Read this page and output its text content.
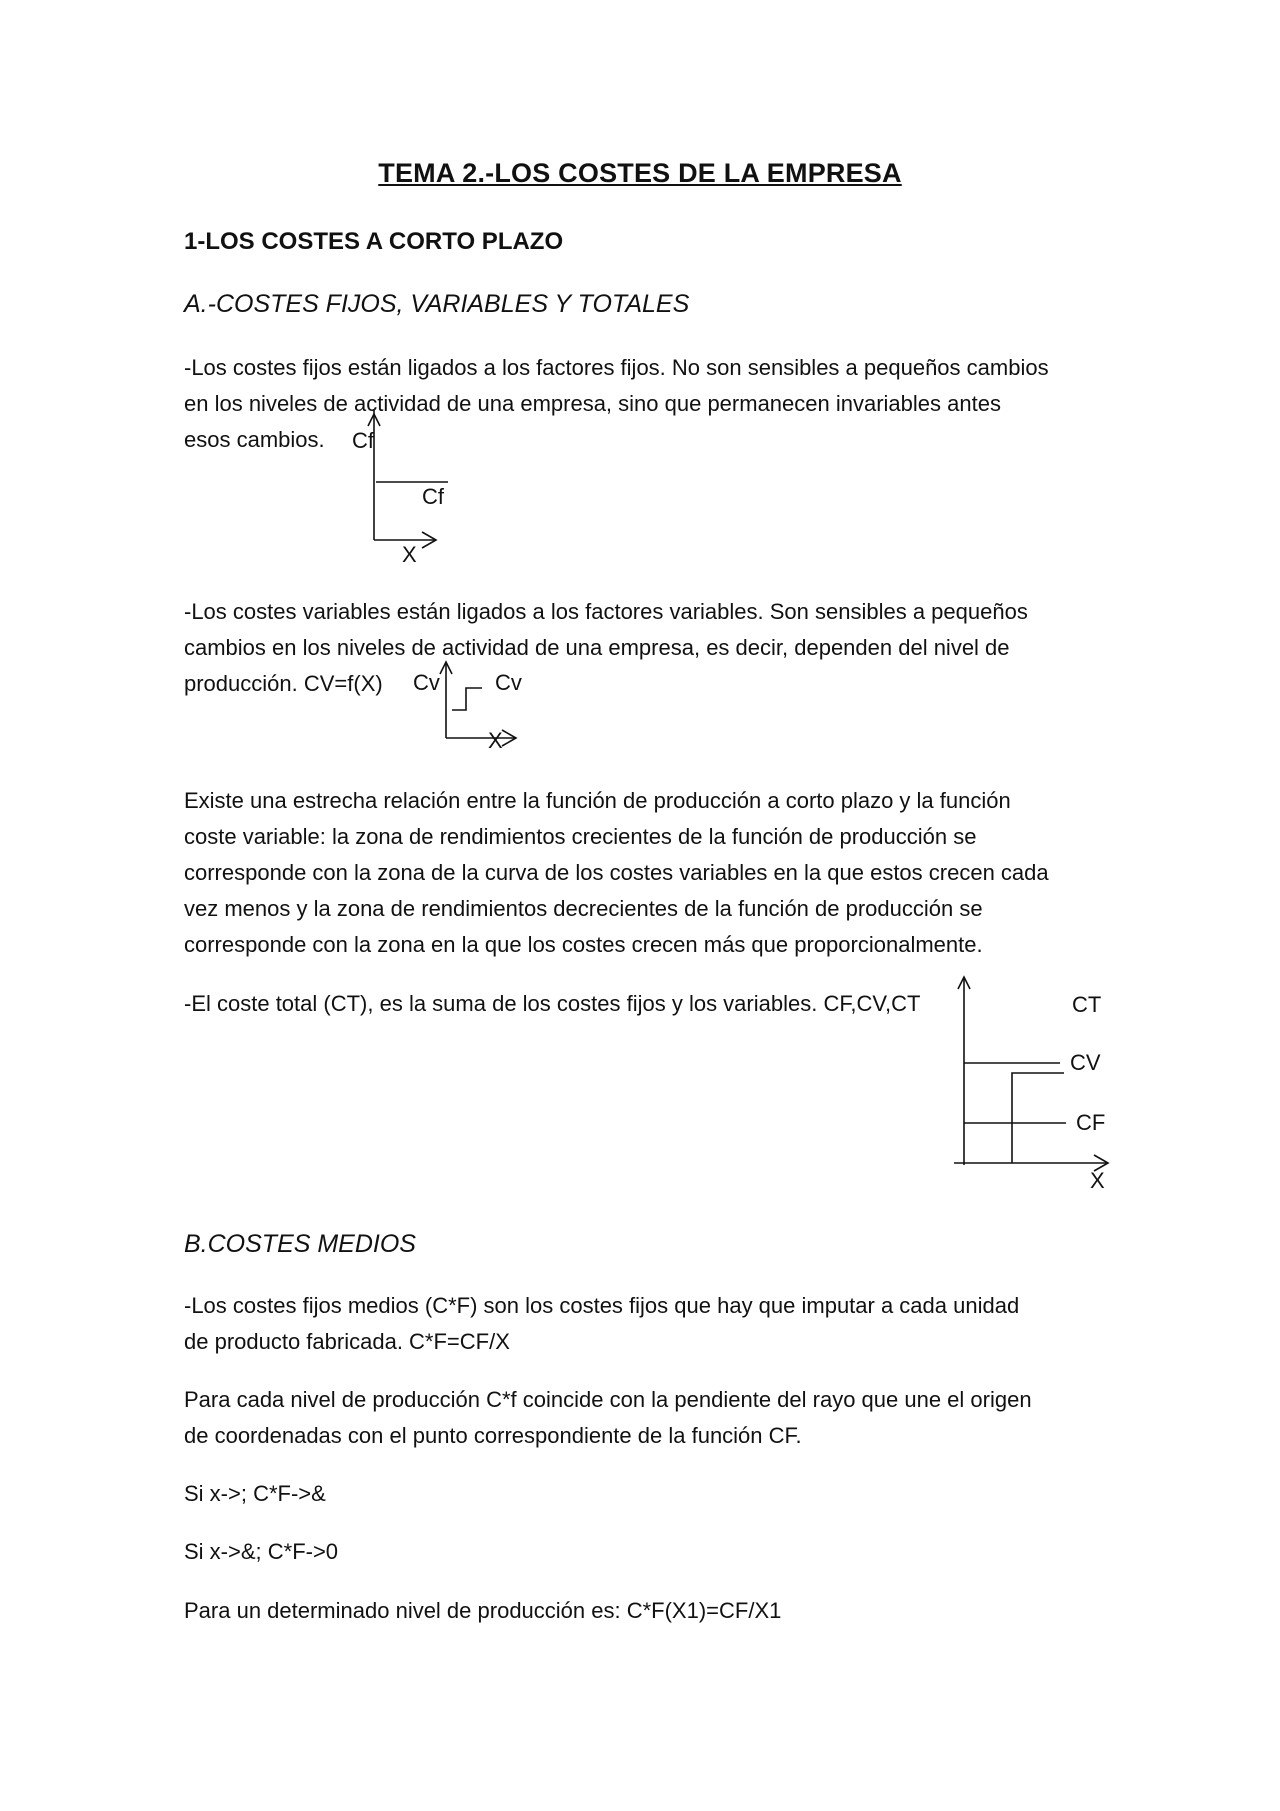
TEMA 2.-LOS COSTES DE LA EMPRESA
1-LOS COSTES A CORTO PLAZO
A.-COSTES FIJOS, VARIABLES Y TOTALES
-Los costes fijos están ligados a los factores fijos. No son sensibles a pequeños cambios
en los niveles de actividad de una empresa, sino que permanecen invariables antes
esos cambios.	Cf
Cf
X
-Los costes variables están ligados a los factores variables. Son sensibles a pequeños
cambios en los niveles de actividad de una empresa, es decir, dependen del nivel de
producción. CV=f(X)	Cv	Cv
X
Existe una estrecha relación entre la función de producción a corto plazo y la función
coste variable: la zona de rendimientos crecientes de la función de producción se
corresponde con la zona de la curva de los costes variables en la que estos crecen cada
vez menos y la zona de rendimientos decrecientes de la función de producción se
corresponde con la zona en la que los costes crecen más que proporcionalmente.
-El coste total (CT), es la suma de los costes fijos y los variables. CF,CV,CT	CT
CV
CF
X
B.COSTES MEDIOS
-Los costes fijos medios (C*F) son los costes fijos que hay que imputar a cada unidad
de producto fabricada. C*F=CF/X
Para cada nivel de producción C*f coincide con la pendiente del rayo que une el origen
de coordenadas con el punto correspondiente de la función CF.
Si x->; C*F->&
Si x->&; C*F->0
Para un determinado nivel de producción es: C*F(X1)=CF/X1
